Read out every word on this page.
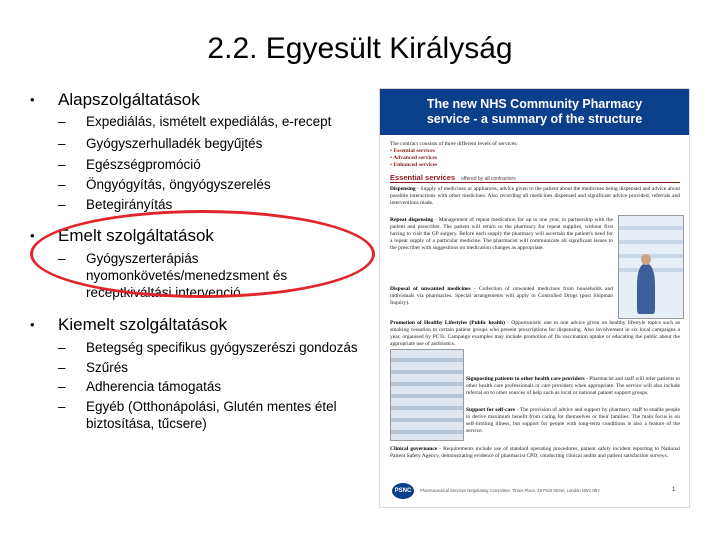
2.2. Egyesült Királyság
• Alapszolgáltatások
– Expediálás, ismételt expediálás, e-recept
– Gyógyszerhulladék begyűjtés
– Egészségpromóció
– Öngyógyítás, öngyógyszerelés
– Betegirányítás
• Emelt szolgáltatások
– Gyógyszerterápiás nyomonkövetés/menedzsment és receptkiváltási intervenció
• Kiemelt szolgáltatások
– Betegség specifikus gyógyszerészi gondozás
– Szűrés
– Adherencia támogatás
– Egyéb (Otthonápolási, Glutén mentes étel biztosítása, tűcsere)
The new NHS Community Pharmacy
service - a summary of the structure
The contract consists of three different levels of services:
• Essential services
• Advanced services
• Enhanced services
Essential services offered by all contractors
Dispensing - Supply of medicines or appliances, advice given to the patient about the medicines being dispensed and advice about possible interactions with other medicines. Also recording all medicines dispensed and significant advice provided, referrals and interventions made.
Repeat dispensing - Management of repeat medication for up to one year, in partnership with the patient and prescriber. The patient will return to the pharmacy for repeat supplies, without first having to visit the GP surgery. Before each supply the pharmacy will ascertain the patient's need for a repeat supply of a particular medicine. The pharmacist will communicate all significant issues to the prescriber with suggestions on medication changes as appropriate.
Disposal of unwanted medicines - Collection of unwanted medicines from households and individuals via pharmacies. Special arrangements will apply to Controlled Drugs (post Shipman Inquiry).
Promotion of Healthy Lifestyles (Public health) - Opportunistic one to one advice given on healthy lifestyle topics such as smoking cessation to certain patient groups who present prescriptions for dispensing. Also involvement in six local campaigns a year, organised by PCTs. Campaign examples may include promotion of flu vaccination uptake or educating the public about the appropriate use of antibiotics.
Signposting patients to other health care providers - Pharmacist and staff will refer patients to other health care professionals or care providers when appropriate. The service will also include referral on to other sources of help such as local or national patient support groups.
Support for self-care - The provision of advice and support by pharmacy staff to enable people to derive maximum benefit from caring for themselves or their families. The main focus is on self-limiting illness, but support for people with long-term conditions is also a feature of the service.
Clinical governance - Requirements include use of standard operating procedures, patient safety incident reporting to National Patient Safety Agency, demonstrating evidence of pharmacist CPD, conducting clinical audits and patient satisfaction surveys.
PSNC	Pharmaceutical Services Negotiating Committee, Times Place, 45 Pratt Street, London NW1 0BY	1
